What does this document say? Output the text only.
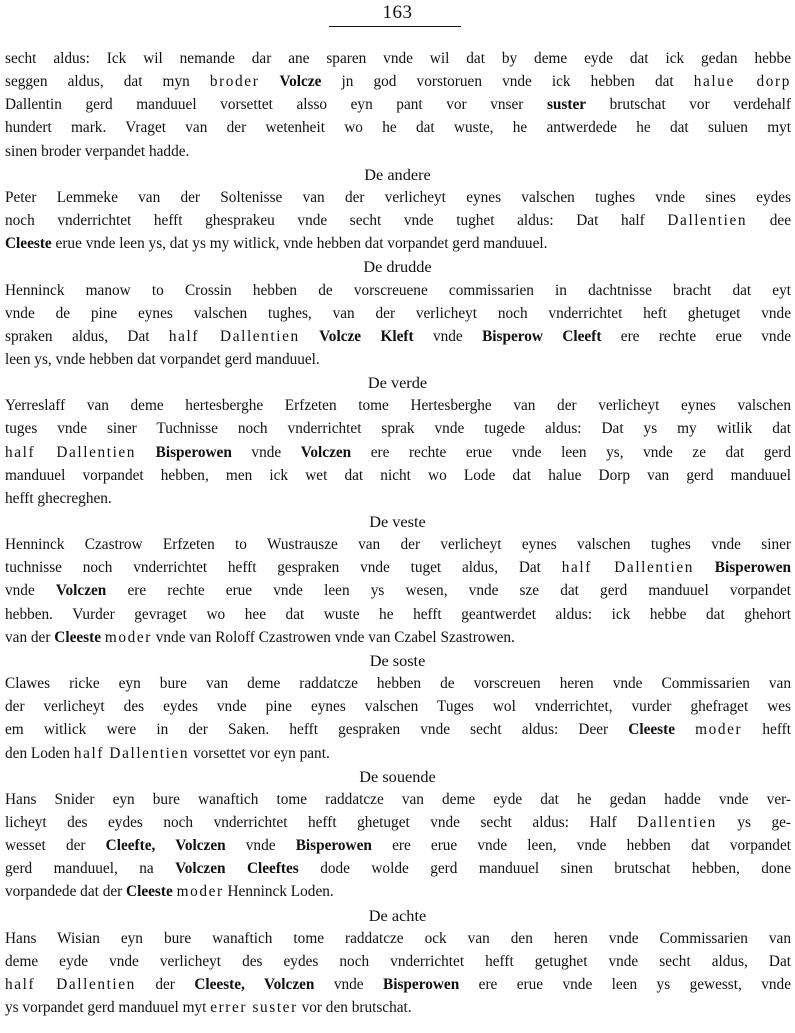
163
secht aldus: Ick wil nemande dar ane sparen vnde wil dat by deme eyde dat ick gedan hebbe
seggen aldus, dat myn broder Volcze jn god vorstoruen vnde ick hebben dat halue dorp
Dallentin gerd manduuel vorsettet alsso eyn pant vor vnser suster brutschat vor verdehalf
hundert mark. Vraget van der wetenheit wo he dat wuste, he antwerdede he dat suluen myt
sinen broder verpandet hadde.
De andere
Peter Lemmeke van der Soltenisse van der verlicheyt eynes valschen tughes vnde sines eydes
noch vnderrichtet hefft ghesprakeu vnde secht vnde tughet aldus: Dat half Dallentien dee
Cleeste erue vnde leen ys, dat ys my witlick, vnde hebben dat vorpandet gerd manduuel.
De drudde
Henninck manow to Crossin hebben de vorscreuene commissarien in dachtnisse bracht dat eyt
vnde de pine eynes valschen tughes, van der verlicheyt noch vnderrichtet heft ghetuget vnde
spraken aldus, Dat half Dallentien Volcze Kleft vnde Bisperow Cleeft ere rechte erue vnde
leen ys, vnde hebben dat vorpandet gerd manduuel.
De verde
Yerreslaff van deme hertesberghe Erfzeten tome Hertesberghe van der verlicheyt eynes valschen
tuges vnde siner Tuchnisse noch vnderrichtet sprak vnde tugede aldus: Dat ys my witlik dat
half Dallentien Bisperowen vnde Volczen ere rechte erue vnde leen ys, vnde ze dat gerd
manduuel vorpandet hebben, men ick wet dat nicht wo Lode dat halue Dorp van gerd manduuel
hefft ghecreghen.
De veste
Henninck Czastrow Erfzeten to Wustrausze van der verlicheyt eynes valschen tughes vnde siner
tuchnisse noch vnderrichtet hefft gespraken vnde tuget aldus, Dat half Dallentien Bisperowen
vnde Volczen ere rechte erue vnde leen ys wesen, vnde sze dat gerd manduuel vorpandet
hebben. Vurder gevraget wo hee dat wuste he hefft geantwerdet aldus: ick hebbe dat ghehort
van der Cleeste moder vnde van Roloff Czastrowen vnde van Czabel Szastrowen.
De soste
Clawes ricke eyn bure van deme raddatcze hebben de vorscreuen heren vnde Commissarien van
der verlicheyt des eydes vnde pine eynes valschen Tuges wol vnderrichtet, vurder ghefraget wes
em witlick were in der Saken. hefft gespraken vnde secht aldus: Deer Cleeste moder hefft
den Loden half Dallentien vorsettet vor eyn pant.
De souende
Hans Snider eyn bure wanaftich tome raddatcze van deme eyde dat he gedan hadde vnde ver-
licheyt des eydes noch vnderrichtet hefft ghetuget vnde secht aldus: Half Dallentien ys ge-
wesset der Cleefte, Volczen vnde Bisperowen ere erue vnde leen, vnde hebben dat vorpandet
gerd manduuel, na Volczen Cleeftes dode wolde gerd manduuel sinen brutschat hebben, done
vorpandede dat der Cleeste moder Henninck Loden.
De achte
Hans Wisian eyn bure wanaftich tome raddatcze ock van den heren vnde Commissarien van
deme eyde vnde verlicheyt des eydes noch vnderrichtet hefft getughet vnde secht aldus, Dat
half Dallentien der Cleeste, Volczen vnde Bisperowen ere erue vnde leen ys gewesst, vnde
ys vorpandet gerd manduuel myt errer suster vor den brutschat.
